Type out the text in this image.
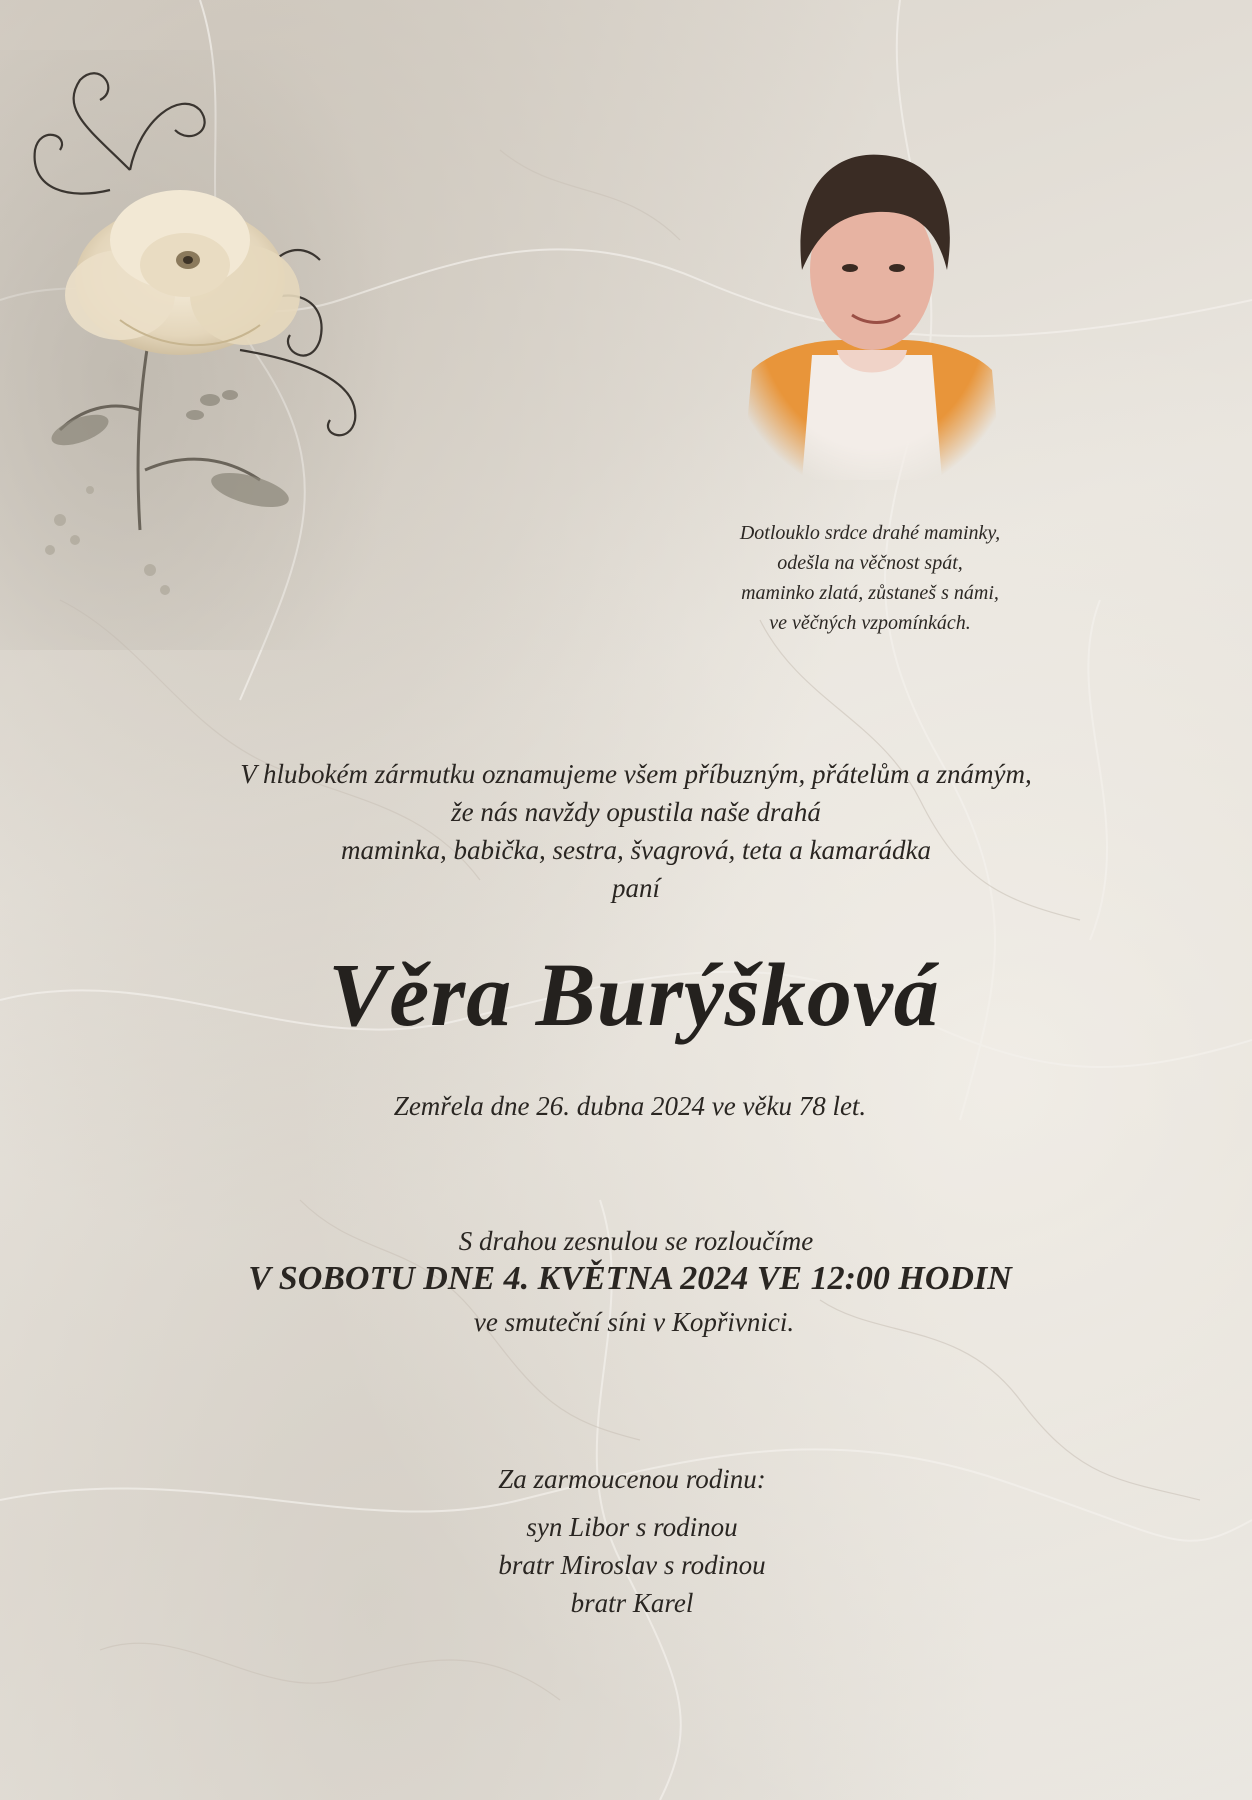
Dotlouklo srdce drahé maminky,
odešla na věčnost spát,
maminko zlatá, zůstaneš s námi,
ve věčných vzpomínkách.
V hlubokém zármutku oznamujeme všem příbuzným, přátelům a známým,
že nás navždy opustila naše drahá
maminka, babička, sestra, švagrová, teta a kamarádka
paní
Věra Burýšková
Zemřela dne 26. dubna 2024 ve věku 78 let.
S drahou zesnulou se rozloučíme
V SOBOTU DNE 4. KVĚTNA 2024 VE 12:00 HODIN
ve smuteční síni v Kopřivnici.
Za zarmoucenou rodinu:
syn Libor s rodinou
bratr Miroslav s rodinou
bratr Karel
